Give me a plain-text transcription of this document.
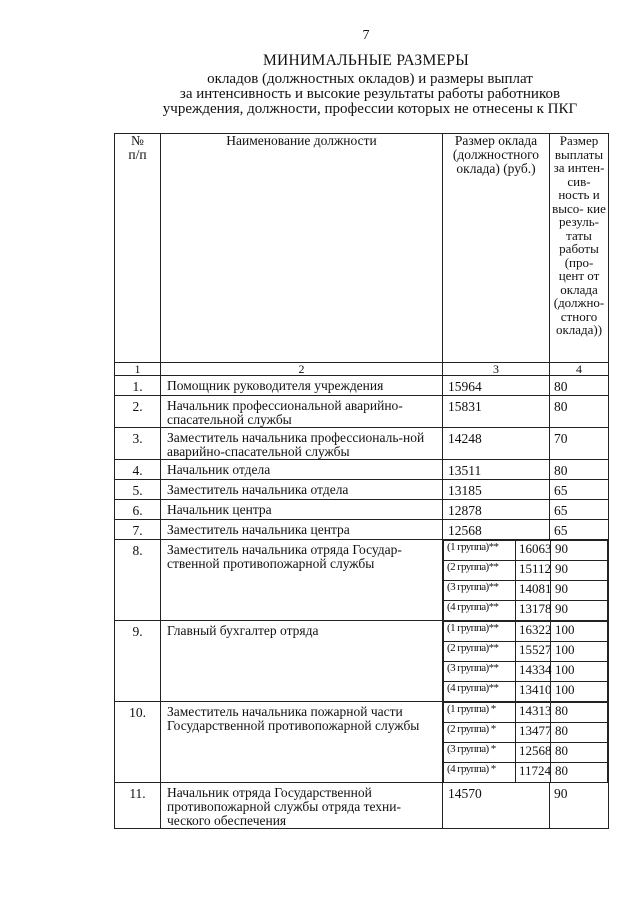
7
МИНИМАЛЬНЫЕ РАЗМЕРЫ
окладов (должностных окладов) и размеры выплат
за интенсивность и высокие результаты работы работников
учреждения, должности, профессии которых не отнесены к ПКГ
№ п/п	Наименование должности	Размер оклада (должностного оклада) (руб.)	Размер выплаты за интен- сив- ность и высо- кие резуль- таты работы (про- цент от оклада (должно- стного оклада))
1	2	3	4
1.	Помощник руководителя учреждения	15964	80
2.	Начальник профессиональной аварийно-спасательной службы	15831	80
3.	Заместитель начальника профессиональ-ной аварийно-спасательной службы	14248	70
4.	Начальник отдела	13511	80
5.	Заместитель начальника отдела	13185	65
6.	Начальник центра	12878	65
7.	Заместитель начальника центра	12568	65
8.	Заместитель начальника отряда Государ-ственной противопожарной службы	
(1 группа)**	16063	90
(2 группа)**	15112	90
(3 группа)**	14081	90
(4 группа)**	13178	90

9.	Главный бухгалтер отряда		(1 группа)**	16322	100
(2 группа)**	15527	100
(3 группа)**	14334	100
(4 группа)**	13410	100

10.	Заместитель начальника пожарной части Государственной противопожарной службы	
(1 группа) *	14313	80
(2 группа) *	13477	80
(3 группа) *	12568	80
(4 группа) *	11724	80

11.	Начальник отряда Государственной противопожарной службы отряда техни-ческого обеспечения	14570	90
